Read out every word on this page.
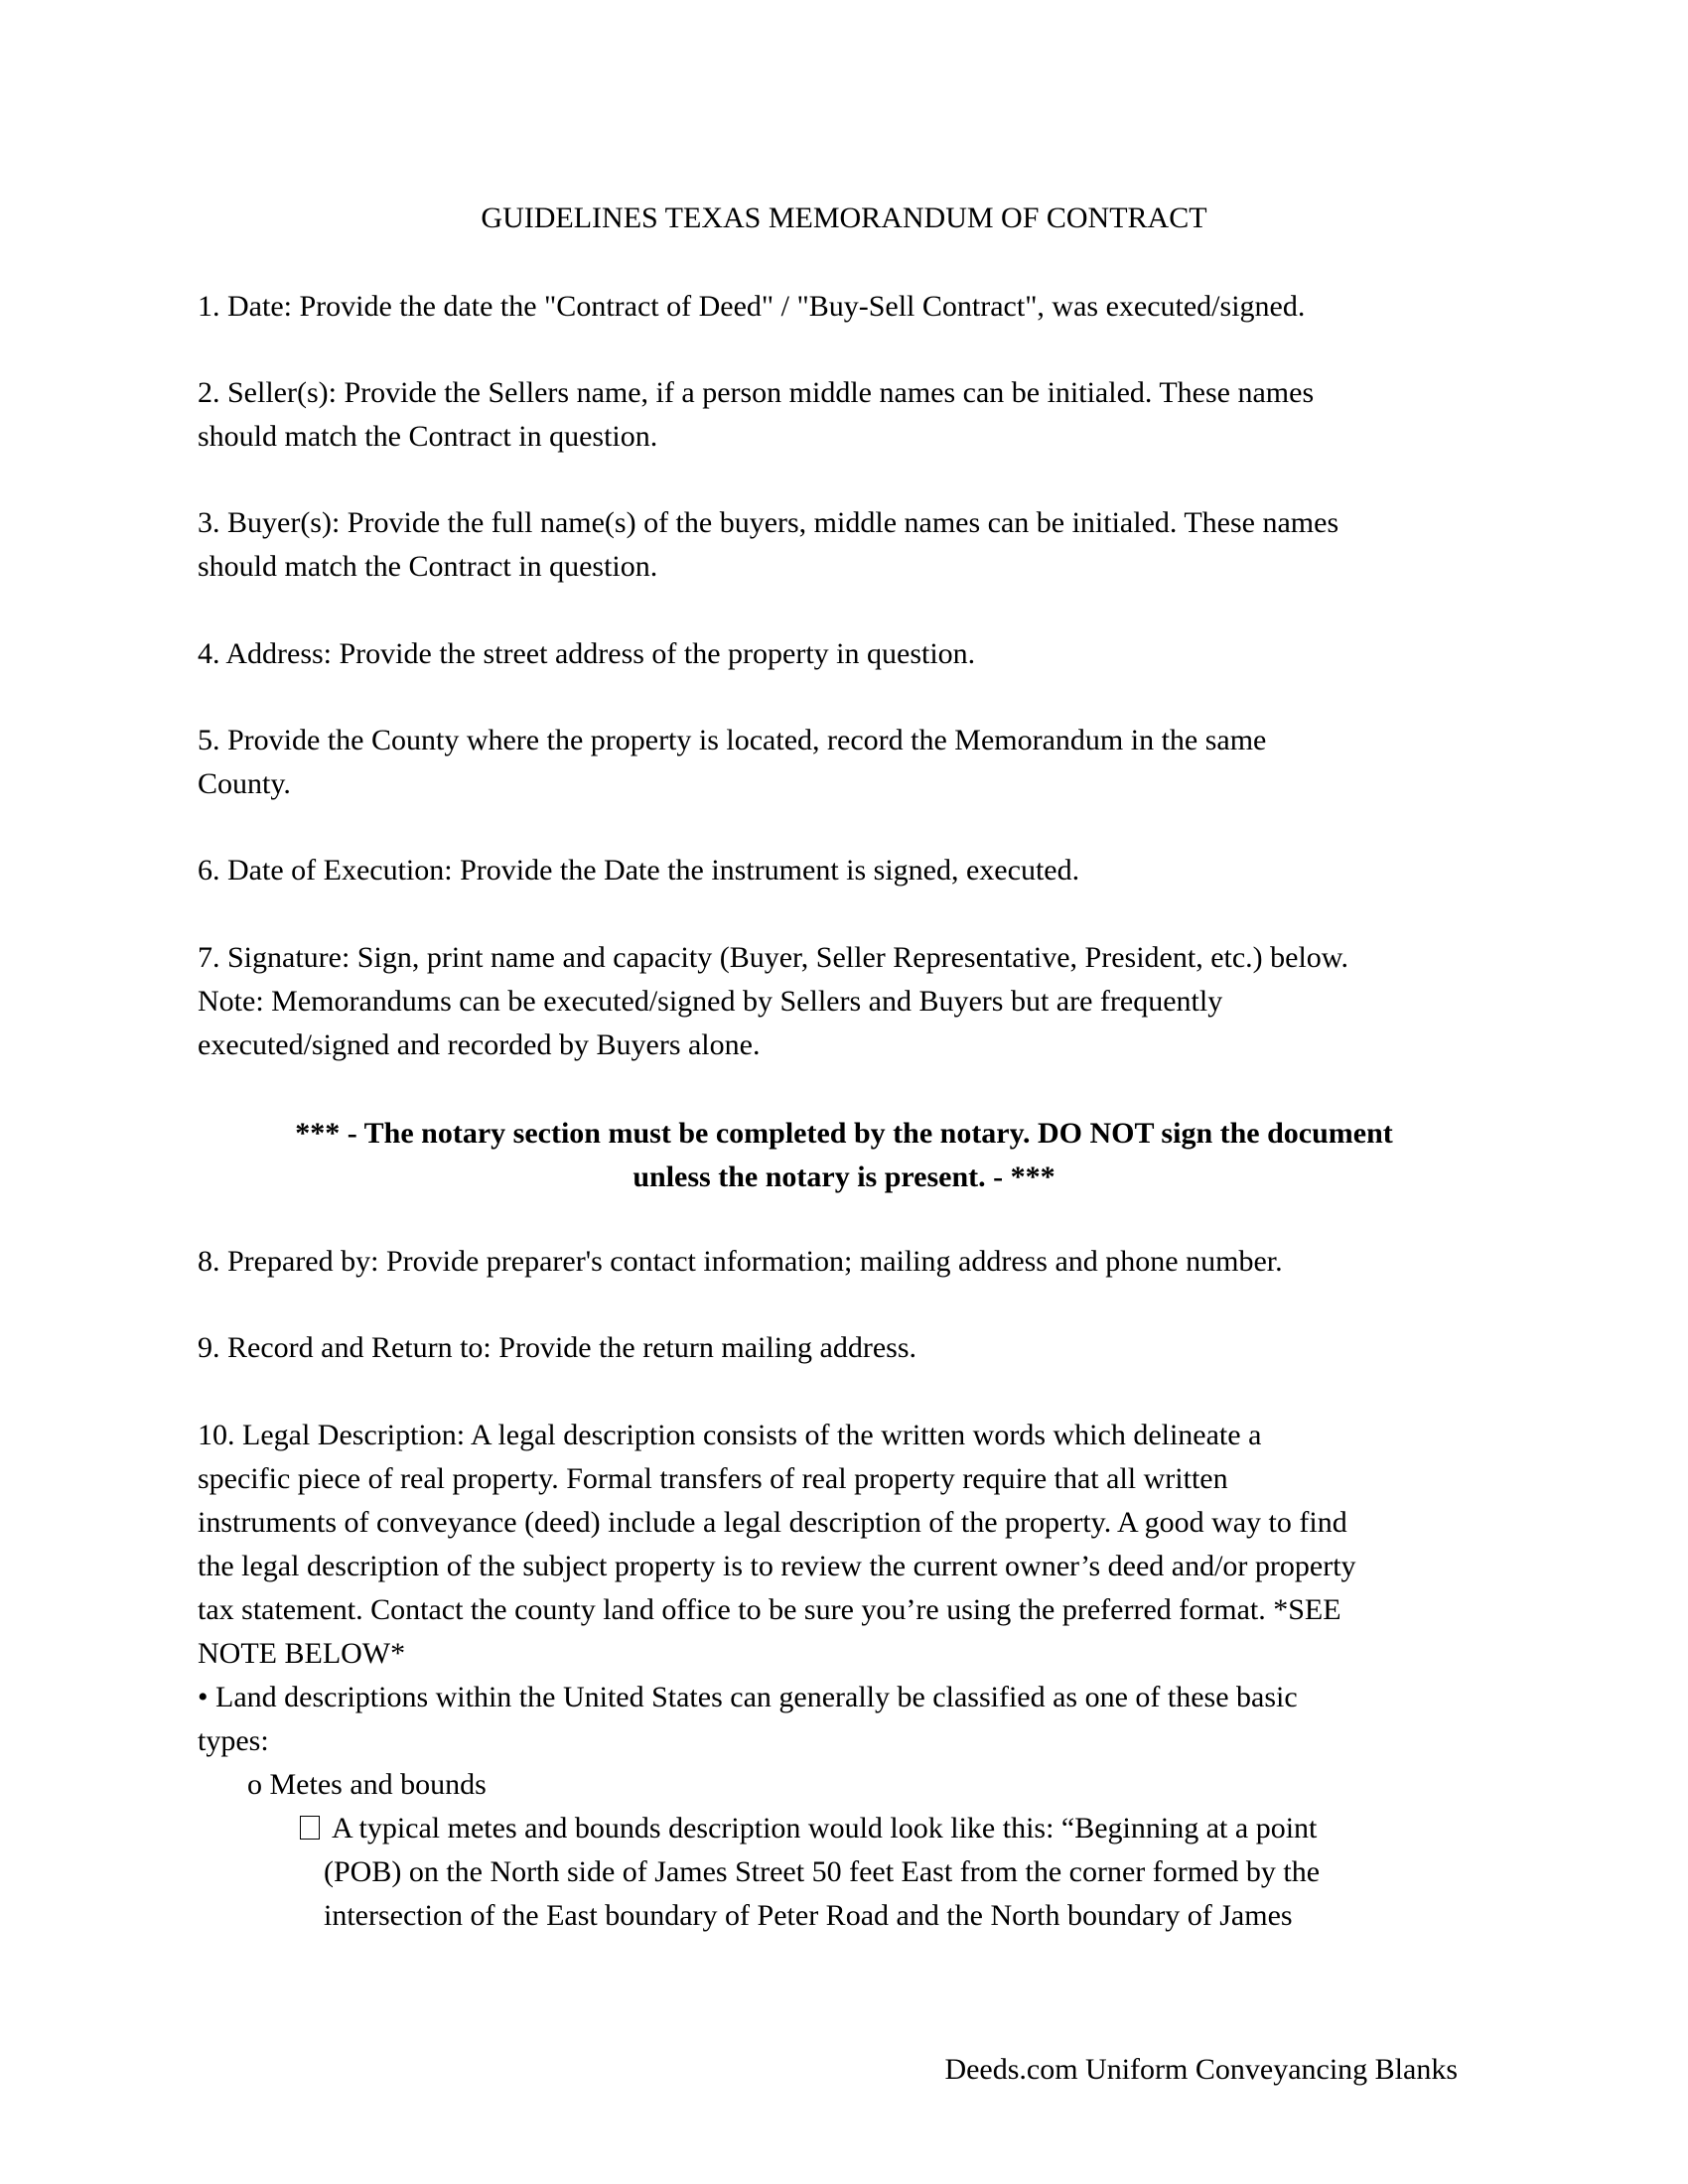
GUIDELINES TEXAS MEMORANDUM OF CONTRACT
1. Date: Provide the date the "Contract of Deed" / "Buy-Sell Contract", was executed/signed.
2. Seller(s): Provide the Sellers name, if a person middle names can be initialed. These names
should match the Contract in question.
3. Buyer(s): Provide the full name(s) of the buyers, middle names can be initialed. These names
should match the Contract in question.
4. Address: Provide the street address of the property in question.
5. Provide the County where the property is located, record the Memorandum in the same
County.
6. Date of Execution: Provide the Date the instrument is signed, executed.
7. Signature: Sign, print name and capacity (Buyer, Seller Representative, President, etc.) below.
Note: Memorandums can be executed/signed by Sellers and Buyers but are frequently
executed/signed and recorded by Buyers alone.
*** - The notary section must be completed by the notary. DO NOT sign the document
unless the notary is present. - ***
8. Prepared by: Provide preparer's contact information; mailing address and phone number.
9. Record and Return to: Provide the return mailing address.
10. Legal Description: A legal description consists of the written words which delineate a
specific piece of real property. Formal transfers of real property require that all written
instruments of conveyance (deed) include a legal description of the property. A good way to find
the legal description of the subject property is to review the current owner’s deed and/or property
tax statement. Contact the county land office to be sure you’re using the preferred format. *SEE
NOTE BELOW*
• Land descriptions within the United States can generally be classified as one of these basic
types:
o Metes and bounds
A typical metes and bounds description would look like this: “Beginning at a point
(POB) on the North side of James Street 50 feet East from the corner formed by the
intersection of the East boundary of Peter Road and the North boundary of James
Deeds.com Uniform Conveyancing Blanks
